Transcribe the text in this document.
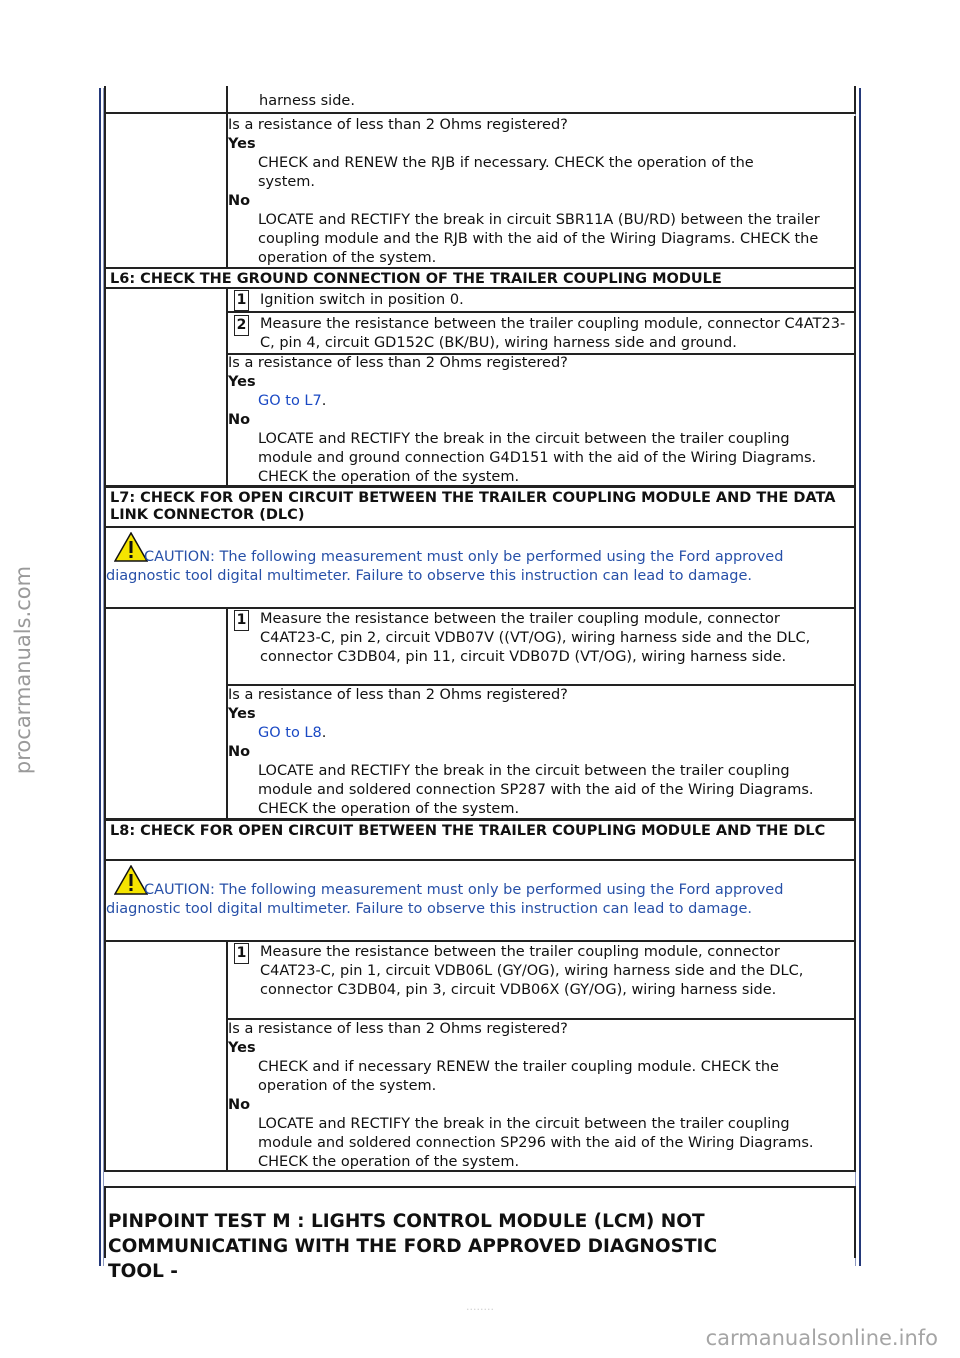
procarmanuals.com
carmanualsonline.info
........
harness side.
Is a resistance of less than 2 Ohms registered?
Yes
CHECK and RENEW the RJB if necessary. CHECK the operation of the system.
No
LOCATE and RECTIFY the break in circuit SBR11A (BU/RD) between the trailer coupling module and the RJB with the aid of the Wiring Diagrams. CHECK the operation of the system.
L6: CHECK THE GROUND CONNECTION OF THE TRAILER COUPLING MODULE
1 Ignition switch in position 0.
2 Measure the resistance between the trailer coupling module, connector C4AT23-C, pin 4, circuit GD152C (BK/BU), wiring harness side and ground.
Is a resistance of less than 2 Ohms registered?
Yes
GO to L7.
No
LOCATE and RECTIFY the break in the circuit between the trailer coupling module and ground connection G4D151 with the aid of the Wiring Diagrams. CHECK the operation of the system.
L7: CHECK FOR OPEN CIRCUIT BETWEEN THE TRAILER COUPLING MODULE AND THE DATA LINK CONNECTOR (DLC)
CAUTION: The following measurement must only be performed using the Ford approved diagnostic tool digital multimeter. Failure to observe this instruction can lead to damage.
1 Measure the resistance between the trailer coupling module, connector C4AT23-C, pin 2, circuit VDB07V ((VT/OG), wiring harness side and the DLC, connector C3DB04, pin 11, circuit VDB07D (VT/OG), wiring harness side.
Is a resistance of less than 2 Ohms registered?
Yes
GO to L8.
No
LOCATE and RECTIFY the break in the circuit between the trailer coupling module and soldered connection SP287 with the aid of the Wiring Diagrams. CHECK the operation of the system.
L8: CHECK FOR OPEN CIRCUIT BETWEEN THE TRAILER COUPLING MODULE AND THE DLC
CAUTION: The following measurement must only be performed using the Ford approved diagnostic tool digital multimeter. Failure to observe this instruction can lead to damage.
1 Measure the resistance between the trailer coupling module, connector C4AT23-C, pin 1, circuit VDB06L (GY/OG), wiring harness side and the DLC, connector C3DB04, pin 3, circuit VDB06X (GY/OG), wiring harness side.
Is a resistance of less than 2 Ohms registered?
Yes
CHECK and if necessary RENEW the trailer coupling module. CHECK the operation of the system.
No
LOCATE and RECTIFY the break in the circuit between the trailer coupling module and soldered connection SP296 with the aid of the Wiring Diagrams. CHECK the operation of the system.
PINPOINT TEST M : LIGHTS CONTROL MODULE (LCM) NOT COMMUNICATING WITH THE FORD APPROVED DIAGNOSTIC TOOL -
